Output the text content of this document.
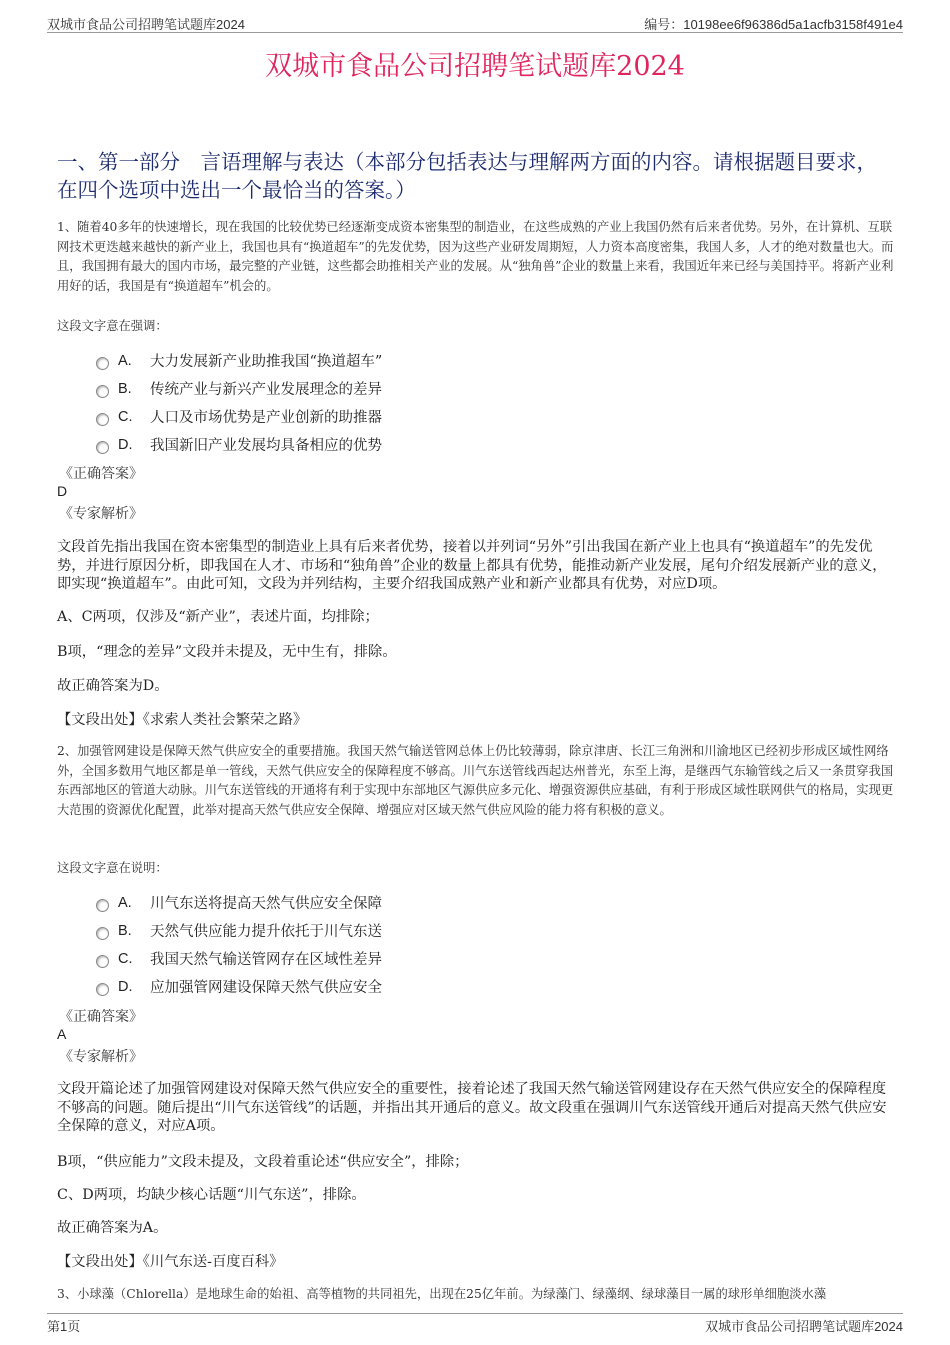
双城市食品公司招聘笔试题库2024	编号：10198ee6f96386d5a1acfb3158f491e4
双城市食品公司招聘笔试题库2024
一、第一部分　言语理解与表达（本部分包括表达与理解两方面的内容。请根据题目要求，在四个选项中选出一个最恰当的答案。）
1、随着40多年的快速增长，现在我国的比较优势已经逐渐变成资本密集型的制造业，在这些成熟的产业上我国仍然有后来者优势。另外，在计算机、互联网技术更迭越来越快的新产业上，我国也具有“换道超车”的先发优势，因为这些产业研发周期短，人力资本高度密集，我国人多，人才的绝对数量也大。而且，我国拥有最大的国内市场，最完整的产业链，这些都会助推相关产业的发展。从“独角兽”企业的数量上来看，我国近年来已经与美国持平。将新产业利用好的话，我国是有“换道超车”机会的。
这段文字意在强调：
A.	大力发展新产业助推我国“换道超车”
B.	传统产业与新兴产业发展理念的差异
C.	人口及市场优势是产业创新的助推器
D.	我国新旧产业发展均具备相应的优势
《正确答案》
D
《专家解析》
文段首先指出我国在资本密集型的制造业上具有后来者优势，接着以并列词“另外”引出我国在新产业上也具有“换道超车”的先发优势，并进行原因分析，即我国在人才、市场和“独角兽”企业的数量上都具有优势，能推动新产业发展，尾句介绍发展新产业的意义，即实现“换道超车”。由此可知，文段为并列结构，主要介绍我国成熟产业和新产业都具有优势，对应D项。
A、C两项，仅涉及“新产业”，表述片面，均排除；
B项，“理念的差异”文段并未提及，无中生有，排除。
故正确答案为D。
【文段出处】《求索人类社会繁荣之路》
2、加强管网建设是保障天然气供应安全的重要措施。我国天然气输送管网总体上仍比较薄弱，除京津唐、长江三角洲和川渝地区已经初步形成区域性网络外，全国多数用气地区都是单一管线，天然气供应安全的保障程度不够高。川气东送管线西起达州普光，东至上海，是继西气东输管线之后又一条贯穿我国东西部地区的管道大动脉。川气东送管线的开通将有利于实现中东部地区气源供应多元化、增强资源供应基础，有利于形成区域性联网供气的格局，实现更大范围的资源优化配置，此举对提高天然气供应安全保障、增强应对区域天然气供应风险的能力将有积极的意义。
这段文字意在说明：
A.	川气东送将提高天然气供应安全保障
B.	天然气供应能力提升依托于川气东送
C.	我国天然气输送管网存在区域性差异
D.	应加强管网建设保障天然气供应安全
《正确答案》
A
《专家解析》
文段开篇论述了加强管网建设对保障天然气供应安全的重要性，接着论述了我国天然气输送管网建设存在天然气供应安全的保障程度不够高的问题。随后提出“川气东送管线”的话题，并指出其开通后的意义。故文段重在强调川气东送管线开通后对提高天然气供应安全保障的意义，对应A项。
B项，“供应能力”文段未提及，文段着重论述“供应安全”，排除；
C、D两项，均缺少核心话题“川气东送”，排除。
故正确答案为A。
【文段出处】《川气东送-百度百科》
3、小球藻（Chlorella）是地球生命的始祖、高等植物的共同祖先，出现在25亿年前。为绿藻门、绿藻纲、绿球藻目一属的球形单细胞淡水藻
第1页	双城市食品公司招聘笔试题库2024
